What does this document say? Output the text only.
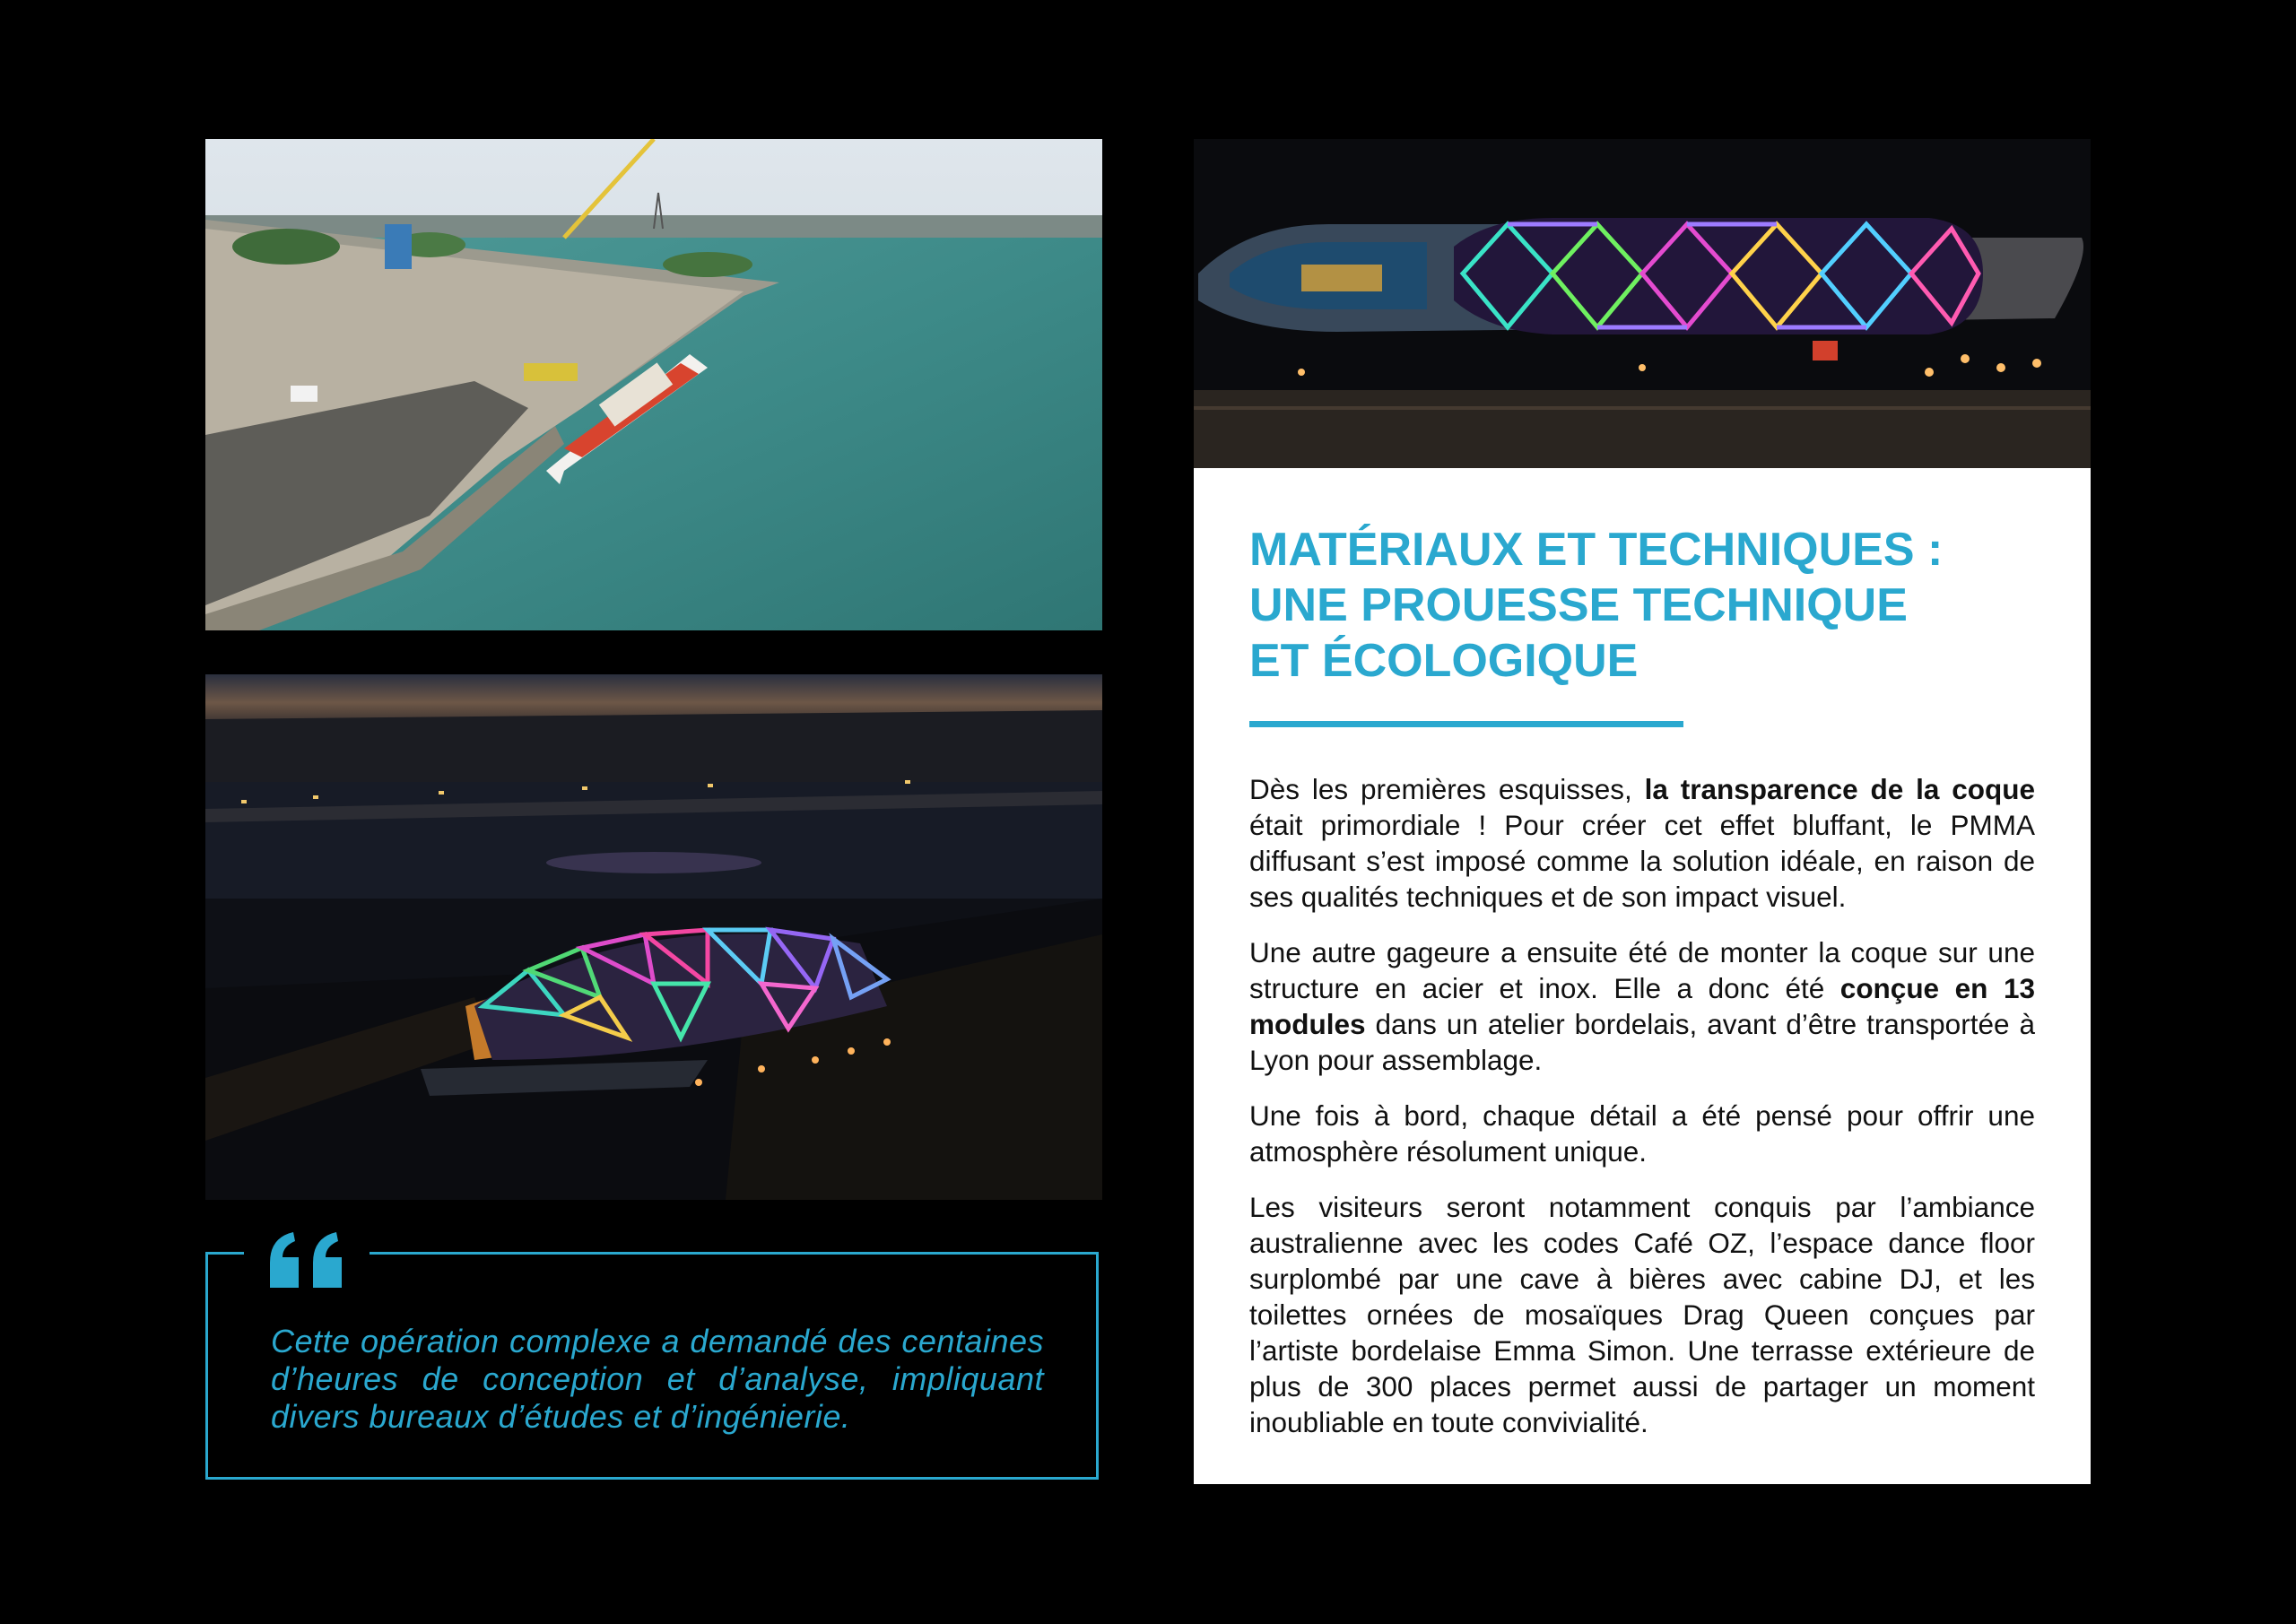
Cette opération complexe a demandé des centaines d’heures de conception et d’analyse, impliquant divers bureaux d’études et d’ingénierie.
MATÉRIAUX ET TECHNIQUES :
UNE PROUESSE TECHNIQUE
ET ÉCOLOGIQUE

Dès les premières esquisses, la transparence de la coque était primordiale ! Pour créer cet effet bluffant, le PMMA diffusant s’est imposé comme la solution idéale, en raison de ses qualités techniques et de son impact visuel.

Une autre gageure a ensuite été de monter la coque sur une structure en acier et inox. Elle a donc été conçue en 13 modules dans un atelier bordelais, avant d’être transportée à Lyon pour assemblage.

Une fois à bord, chaque détail a été pensé pour offrir une atmosphère résolument unique.

Les visiteurs seront notamment conquis par l’ambiance australienne avec les codes Café OZ, l’espace dance floor surplombé par une cave à bières avec cabine DJ, et les toilettes ornées de mosaïques Drag Queen conçues par l’artiste bordelaise Emma Simon. Une terrasse extérieure de plus de 300 places permet aussi de partager un moment inoubliable en toute convivialité.
